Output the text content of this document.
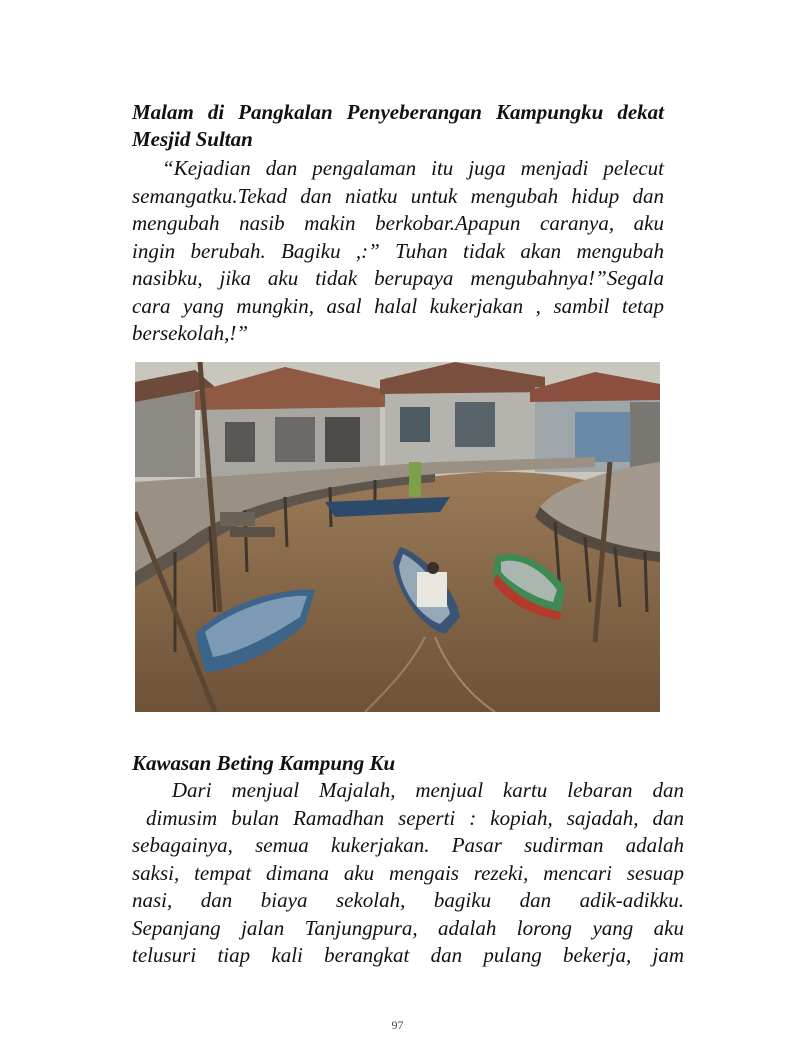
Malam di Pangkalan Penyeberangan Kampungku dekat Mesjid Sultan

“Kejadian dan pengalaman itu juga menjadi pelecut
semangatku.Tekad dan niatku untuk mengubah hidup dan
mengubah nasib makin berkobar.Apapun caranya, aku
ingin berubah. Bagiku ,:” Tuhan tidak akan mengubah
nasibku, jika aku tidak berupaya mengubahnya!”Segala
cara yang mungkin, asal halal kukerjakan , sambil tetap
bersekolah,!”

Kawasan Beting Kampung Ku

Dari menjual Majalah, menjual kartu lebaran dan
dimusim bulan Ramadhan seperti : kopiah, sajadah, dan
sebagainya, semua kukerjakan. Pasar sudirman adalah
saksi, tempat dimana aku mengais rezeki, mencari sesuap
nasi, dan biaya sekolah, bagiku dan adik-adikku.
Sepanjang jalan Tanjungpura, adalah lorong yang aku
telusuri tiap kali berangkat dan pulang bekerja, jam

97
